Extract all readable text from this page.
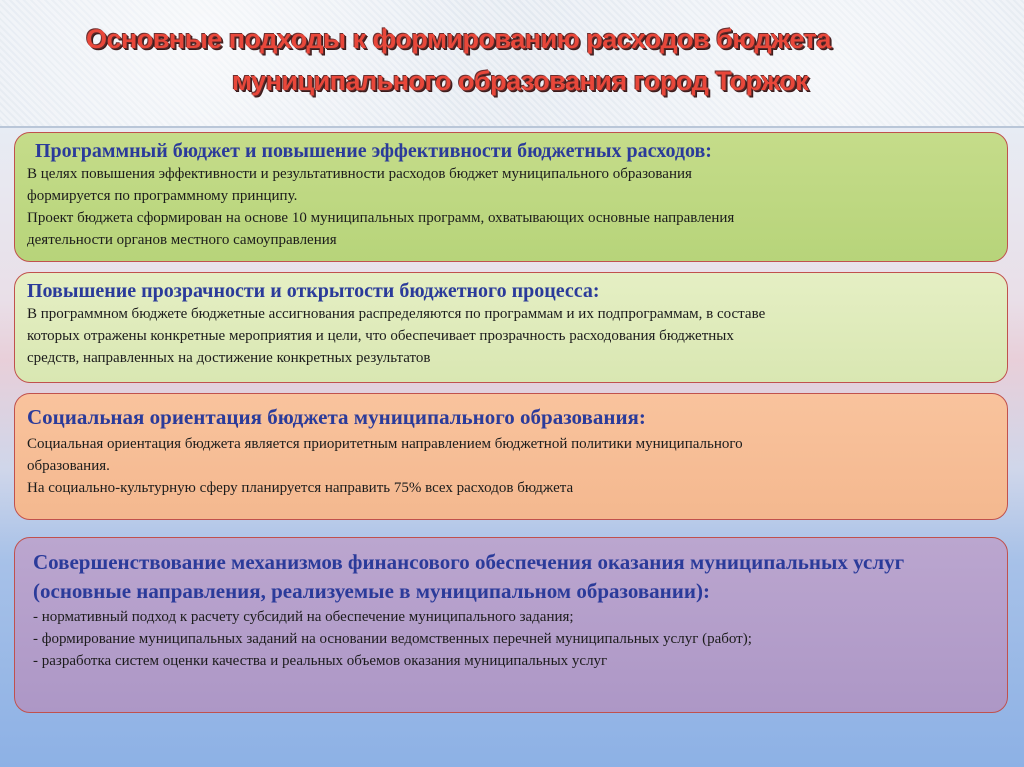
Основные подходы к формированию расходов бюджета
муниципального образования город Торжок
Программный бюджет и повышение эффективности бюджетных расходов:
В целях повышения эффективности и результативности расходов бюджет муниципального образования
формируется по программному принципу.
Проект бюджета сформирован на основе 10 муниципальных программ, охватывающих основные направления
деятельности органов местного самоуправления
Повышение прозрачности и открытости бюджетного процесса:
В программном бюджете бюджетные ассигнования распределяются по программам и их подпрограммам, в составе
которых отражены конкретные мероприятия и цели, что обеспечивает прозрачность расходования бюджетных
средств, направленных на достижение конкретных результатов
Социальная ориентация бюджета муниципального образования:
Социальная ориентация бюджета является приоритетным направлением бюджетной политики муниципального
образования.
На социально-культурную сферу планируется направить 75% всех расходов бюджета
Совершенствование механизмов финансового обеспечения оказания муниципальных услуг (основные направления, реализуемые в муниципальном образовании):
- нормативный подход к расчету субсидий на обеспечение муниципального задания;
- формирование муниципальных заданий на основании ведомственных перечней муниципальных услуг (работ);
- разработка систем оценки качества и реальных объемов оказания муниципальных услуг
